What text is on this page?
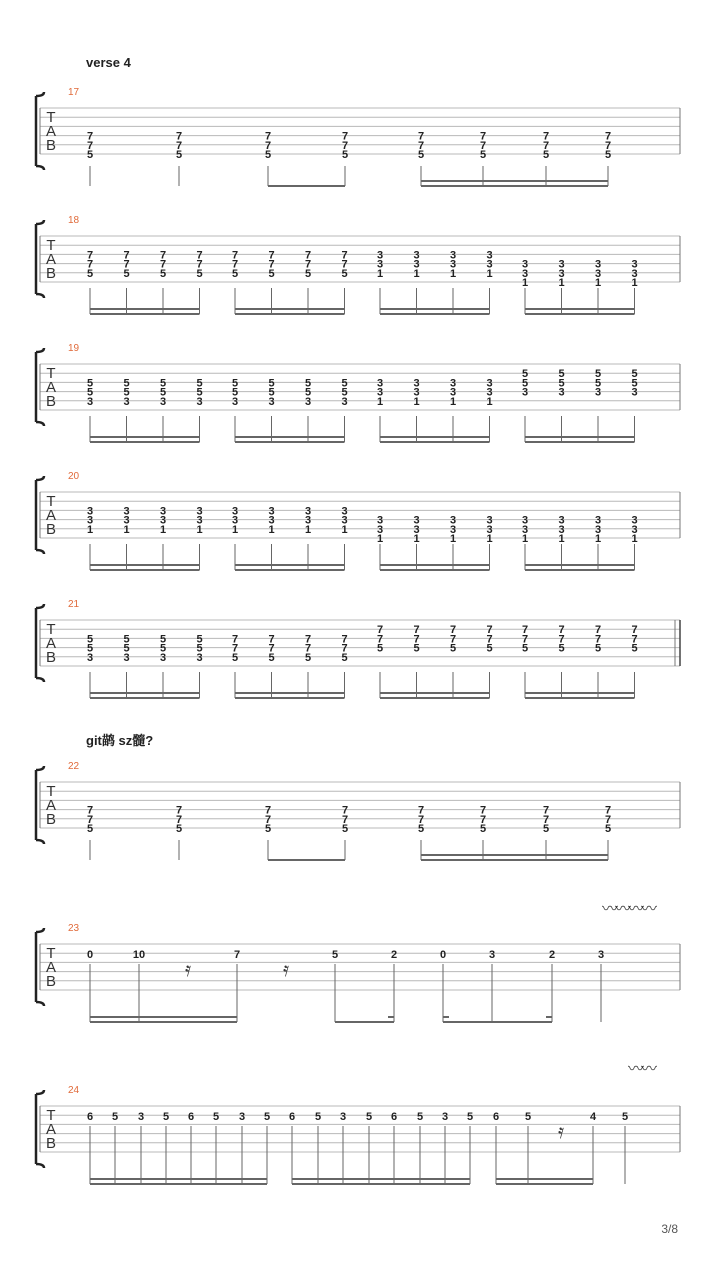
verse 4
git鹋 sz髓?
3/8
T
A
B
17
T
A
B
18
T
A
B
19
T
A
B
20
T
A
B
21
T
A
B
22
T
A
B
23
T
A
B
24
7
7
5
7
7
5
7
7
5
7
7
5
7
7
5
7
7
5
7
7
5
7
7
5
7
7
5
7
7
5
7
7
5
7
7
5
7
7
5
7
7
5
7
7
5
7
7
5
3
3
1
3
3
1
3
3
1
3
3
1
3
3
1
3
3
1
3
3
1
3
3
1
5
5
3
5
5
3
5
5
3
5
5
3
5
5
3
5
5
3
5
5
3
5
5
3
3
3
1
3
3
1
3
3
1
3
3
1
5
5
3
5
5
3
5
5
3
5
5
3
3
3
1
3
3
1
3
3
1
3
3
1
3
3
1
3
3
1
3
3
1
3
3
1
3
3
1
3
3
1
3
3
1
3
3
1
3
3
1
3
3
1
3
3
1
3
3
1
5
5
3
5
5
3
5
5
3
5
5
3
7
7
5
7
7
5
7
7
5
7
7
5
7
7
5
7
7
5
7
7
5
7
7
5
7
7
5
7
7
5
7
7
5
7
7
5
7
7
5
7
7
5
7
7
5
7
7
5
7
7
5
7
7
5
7
7
5
7
7
5
0	10	7	5	2	0	3	2	3
𝄿	𝄿
〰〰〰〰
6 5 3 5 6 5 3 5 6 5 3 5 6 5 3 5 6 5	4 5
𝄿
〰〰
